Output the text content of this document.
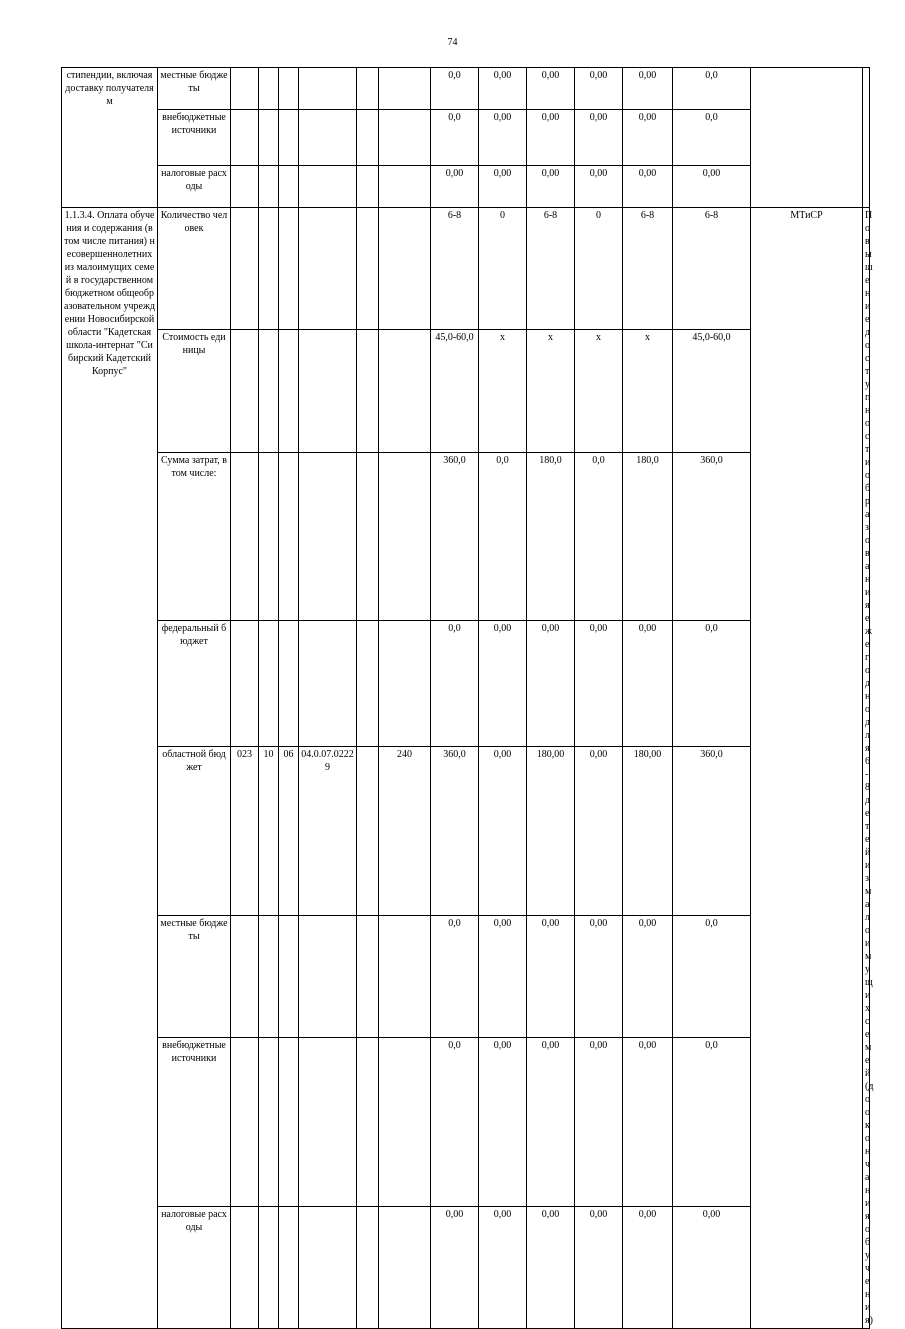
74
стипендии, включая доставку получателям	местные бюджеты							0,0	0,00	0,00	0,00	0,00	0,0		
	внебюджетные источники							0,0	0,00	0,00	0,00	0,00	0,0		
	налоговые расходы							0,00	0,00	0,00	0,00	0,00	0,00		
1.1.3.4. Оплата обучения и содержания (в том числе питания) несовершеннолетних из малоимущих семей в государственном бюджетном общеобразовательном учреждении Новосибирской области "Кадетская школа-интернат "Сибирский Кадетский Корпус"	Количество человек							6-8	0	6-8	0	6-8	6-8	МТиСР	Повышение доступности образования ежегодно для 6-8 детей из малоимущих семей (до окончания обучения)
	Стоимость единицы							45,0-60,0	х	х	х	х	45,0-60,0		
	Сумма затрат, в том числе:							360,0	0,0	180,0	0,0	180,0	360,0		
	федеральный бюджет							0,0	0,00	0,00	0,00	0,00	0,0		
	областной бюджет	023	10	06	04.0.07.02229		240	360,0	0,00	180,00	0,00	180,00	360,0		
	местные бюджеты							0,0	0,00	0,00	0,00	0,00	0,0		
	внебюджетные источники							0,0	0,00	0,00	0,00	0,00	0,0		
	налоговые расходы							0,00	0,00	0,00	0,00	0,00	0,00		
